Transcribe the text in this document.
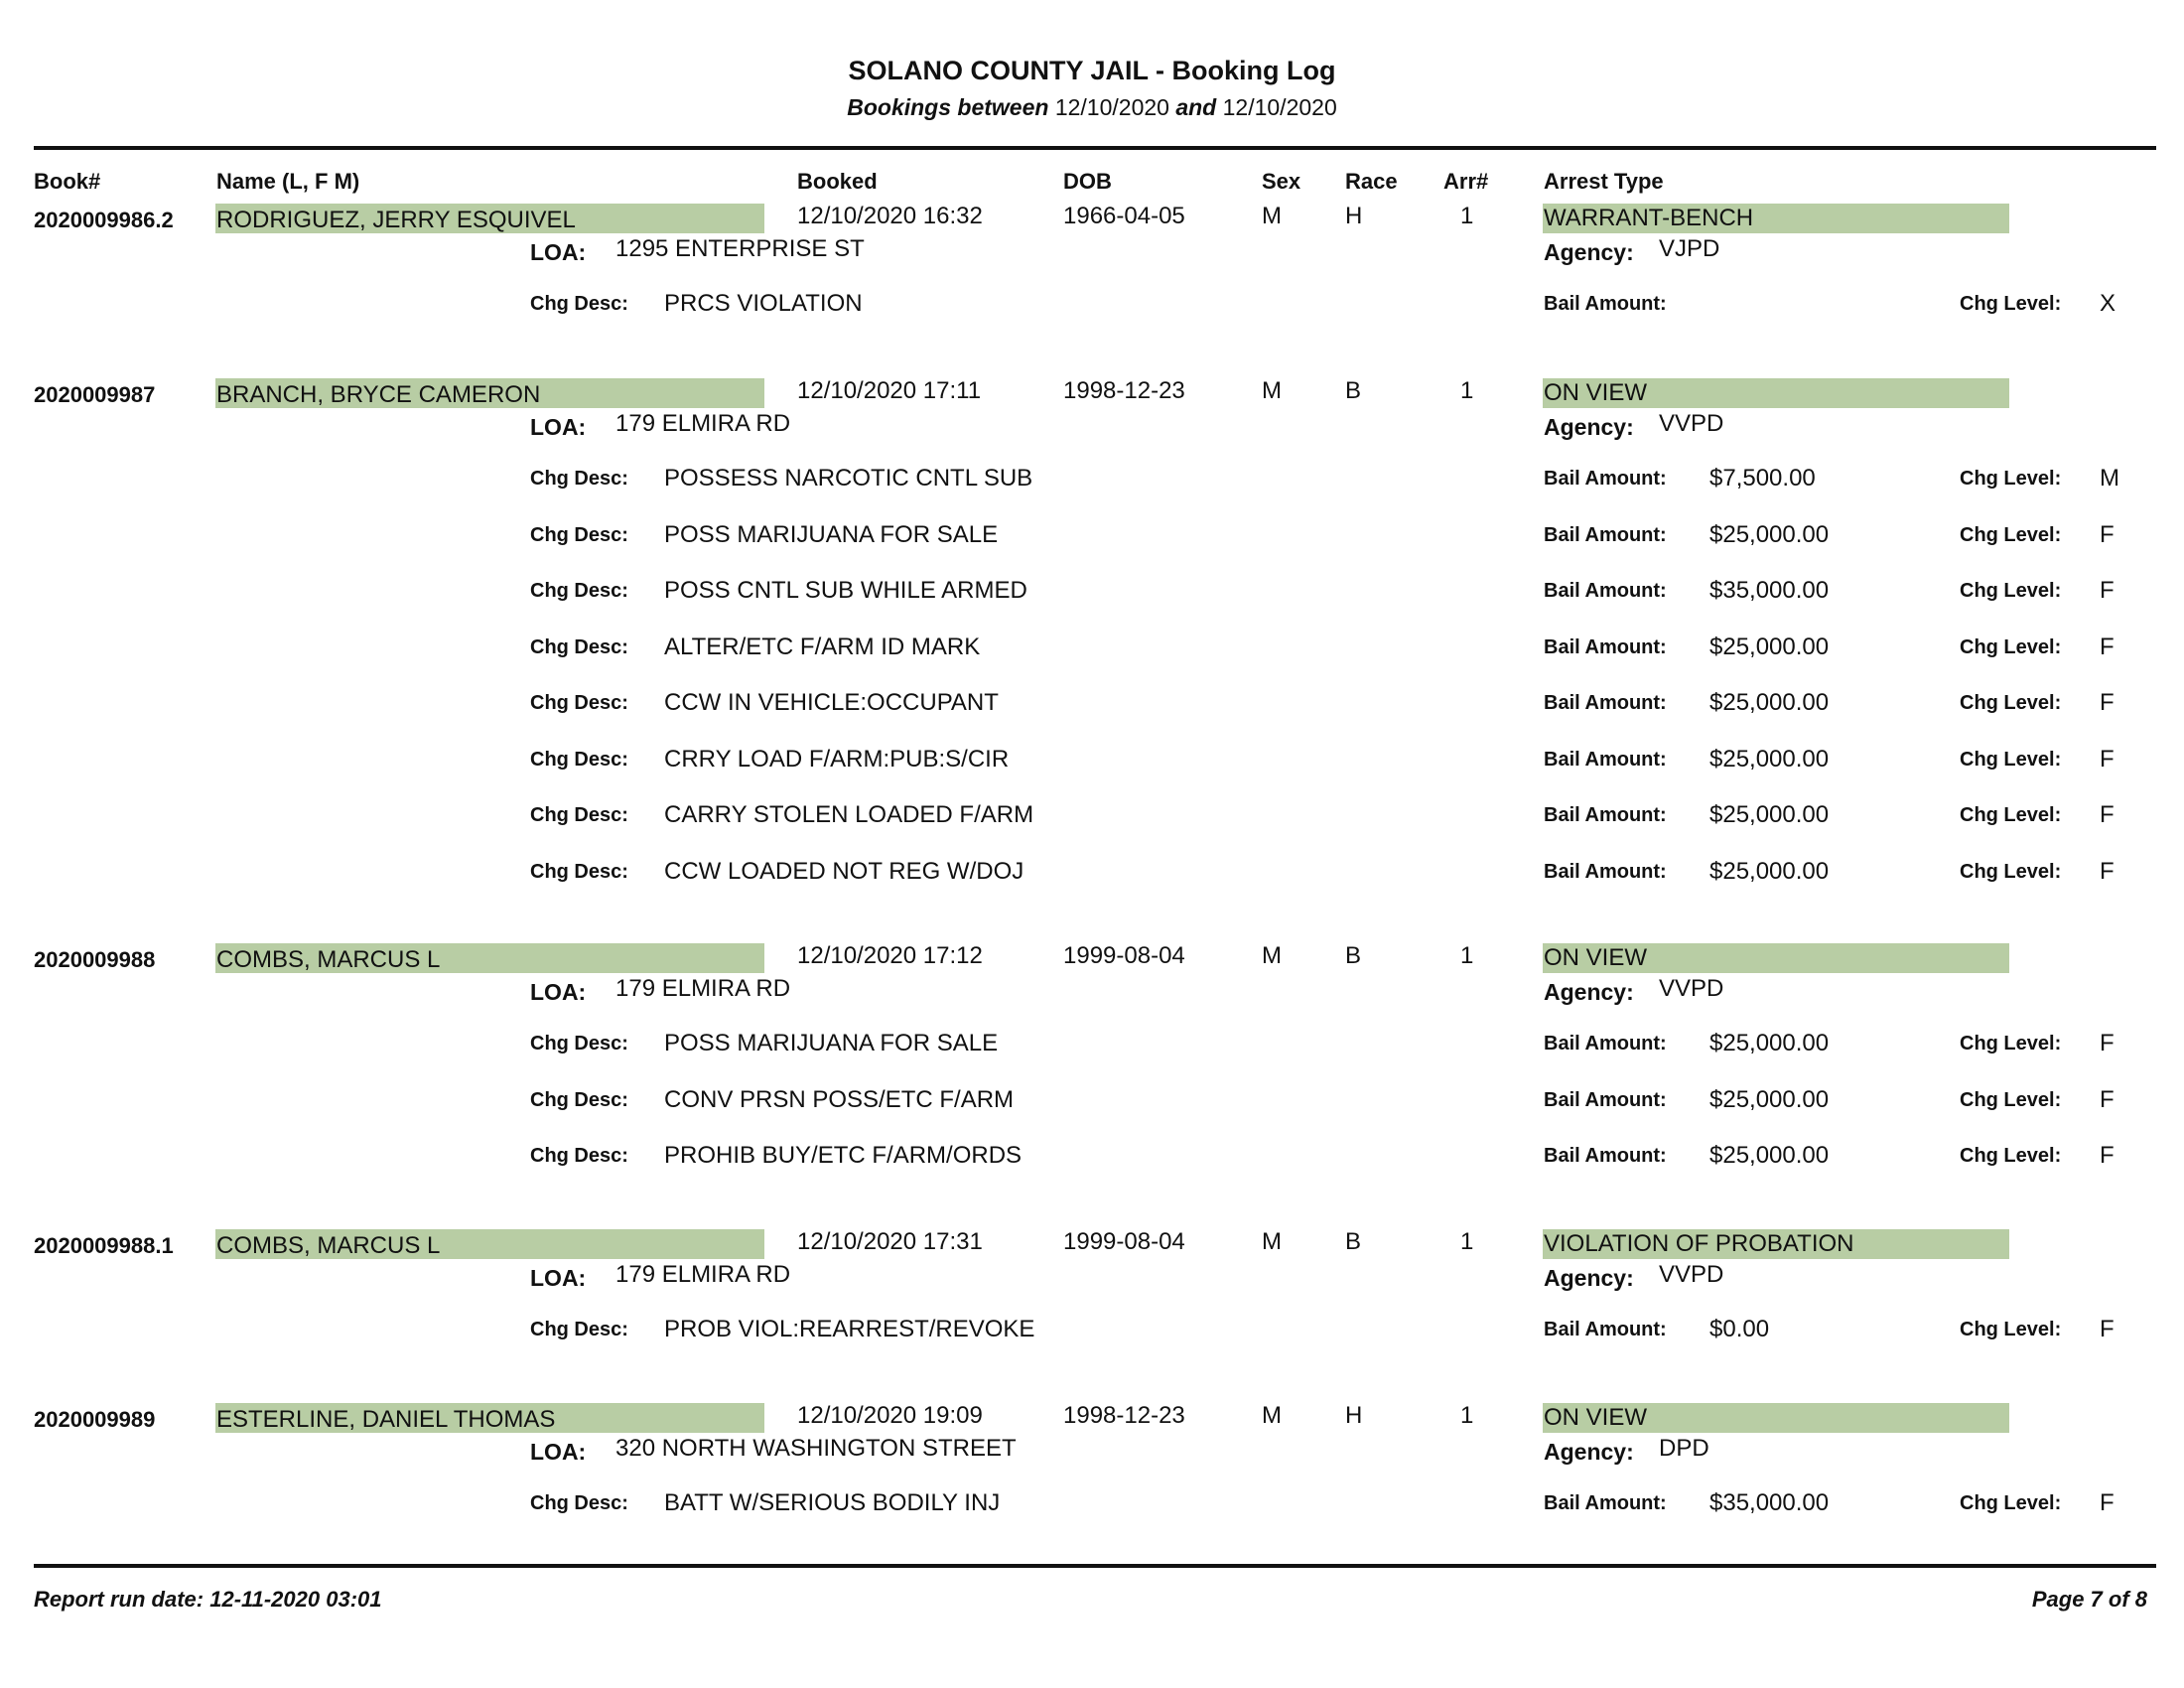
SOLANO COUNTY JAIL - Booking Log
Bookings between 12/10/2020 and 12/10/2020
Book#	Name (L, F M)	Booked	DOB	Sex Race Arr#	Arrest Type
2020009986.2 RODRIGUEZ, JERRY ESQUIVEL	12/10/2020 16:32	1966-04-05	M	H	1	WARRANT-BENCH
LOA: 1295 ENTERPRISE ST	Agency: VJPD
Chg Desc: PRCS VIOLATION	Bail Amount:	Chg Level: X
2020009987	BRANCH, BRYCE CAMERON	12/10/2020 17:11	1998-12-23	M	B	1	ON VIEW
LOA: 179 ELMIRA RD	Agency: VVPD
Chg Desc: POSSESS NARCOTIC CNTL SUB	Bail Amount: $7,500.00	Chg Level: M
Chg Desc: POSS MARIJUANA FOR SALE	Bail Amount: $25,000.00	Chg Level: F
Chg Desc: POSS CNTL SUB WHILE ARMED	Bail Amount: $35,000.00	Chg Level: F
Chg Desc: ALTER/ETC F/ARM ID MARK	Bail Amount: $25,000.00	Chg Level: F
Chg Desc: CCW IN VEHICLE:OCCUPANT	Bail Amount: $25,000.00	Chg Level: F
Chg Desc: CRRY LOAD F/ARM:PUB:S/CIR	Bail Amount: $25,000.00	Chg Level: F
Chg Desc: CARRY STOLEN LOADED F/ARM	Bail Amount: $25,000.00	Chg Level: F
Chg Desc: CCW LOADED NOT REG W/DOJ	Bail Amount: $25,000.00	Chg Level: F
2020009988	COMBS, MARCUS L	12/10/2020 17:12	1999-08-04	M	B	1	ON VIEW
LOA: 179 ELMIRA RD	Agency: VVPD
Chg Desc: POSS MARIJUANA FOR SALE	Bail Amount: $25,000.00	Chg Level: F
Chg Desc: CONV PRSN POSS/ETC F/ARM	Bail Amount: $25,000.00	Chg Level: F
Chg Desc: PROHIB BUY/ETC F/ARM/ORDS	Bail Amount: $25,000.00	Chg Level: F
2020009988.1 COMBS, MARCUS L	12/10/2020 17:31	1999-08-04	M	B	1	VIOLATION OF PROBATION
LOA: 179 ELMIRA RD	Agency: VVPD
Chg Desc: PROB VIOL:REARREST/REVOKE	Bail Amount: $0.00	Chg Level: F
2020009989	ESTERLINE, DANIEL THOMAS	12/10/2020 19:09	1998-12-23	M	H	1	ON VIEW
LOA: 320 NORTH WASHINGTON STREET	Agency: DPD
Chg Desc: BATT W/SERIOUS BODILY INJ	Bail Amount: $35,000.00	Chg Level: F
Report run date: 12-11-2020 03:01	Page 7 of 8
